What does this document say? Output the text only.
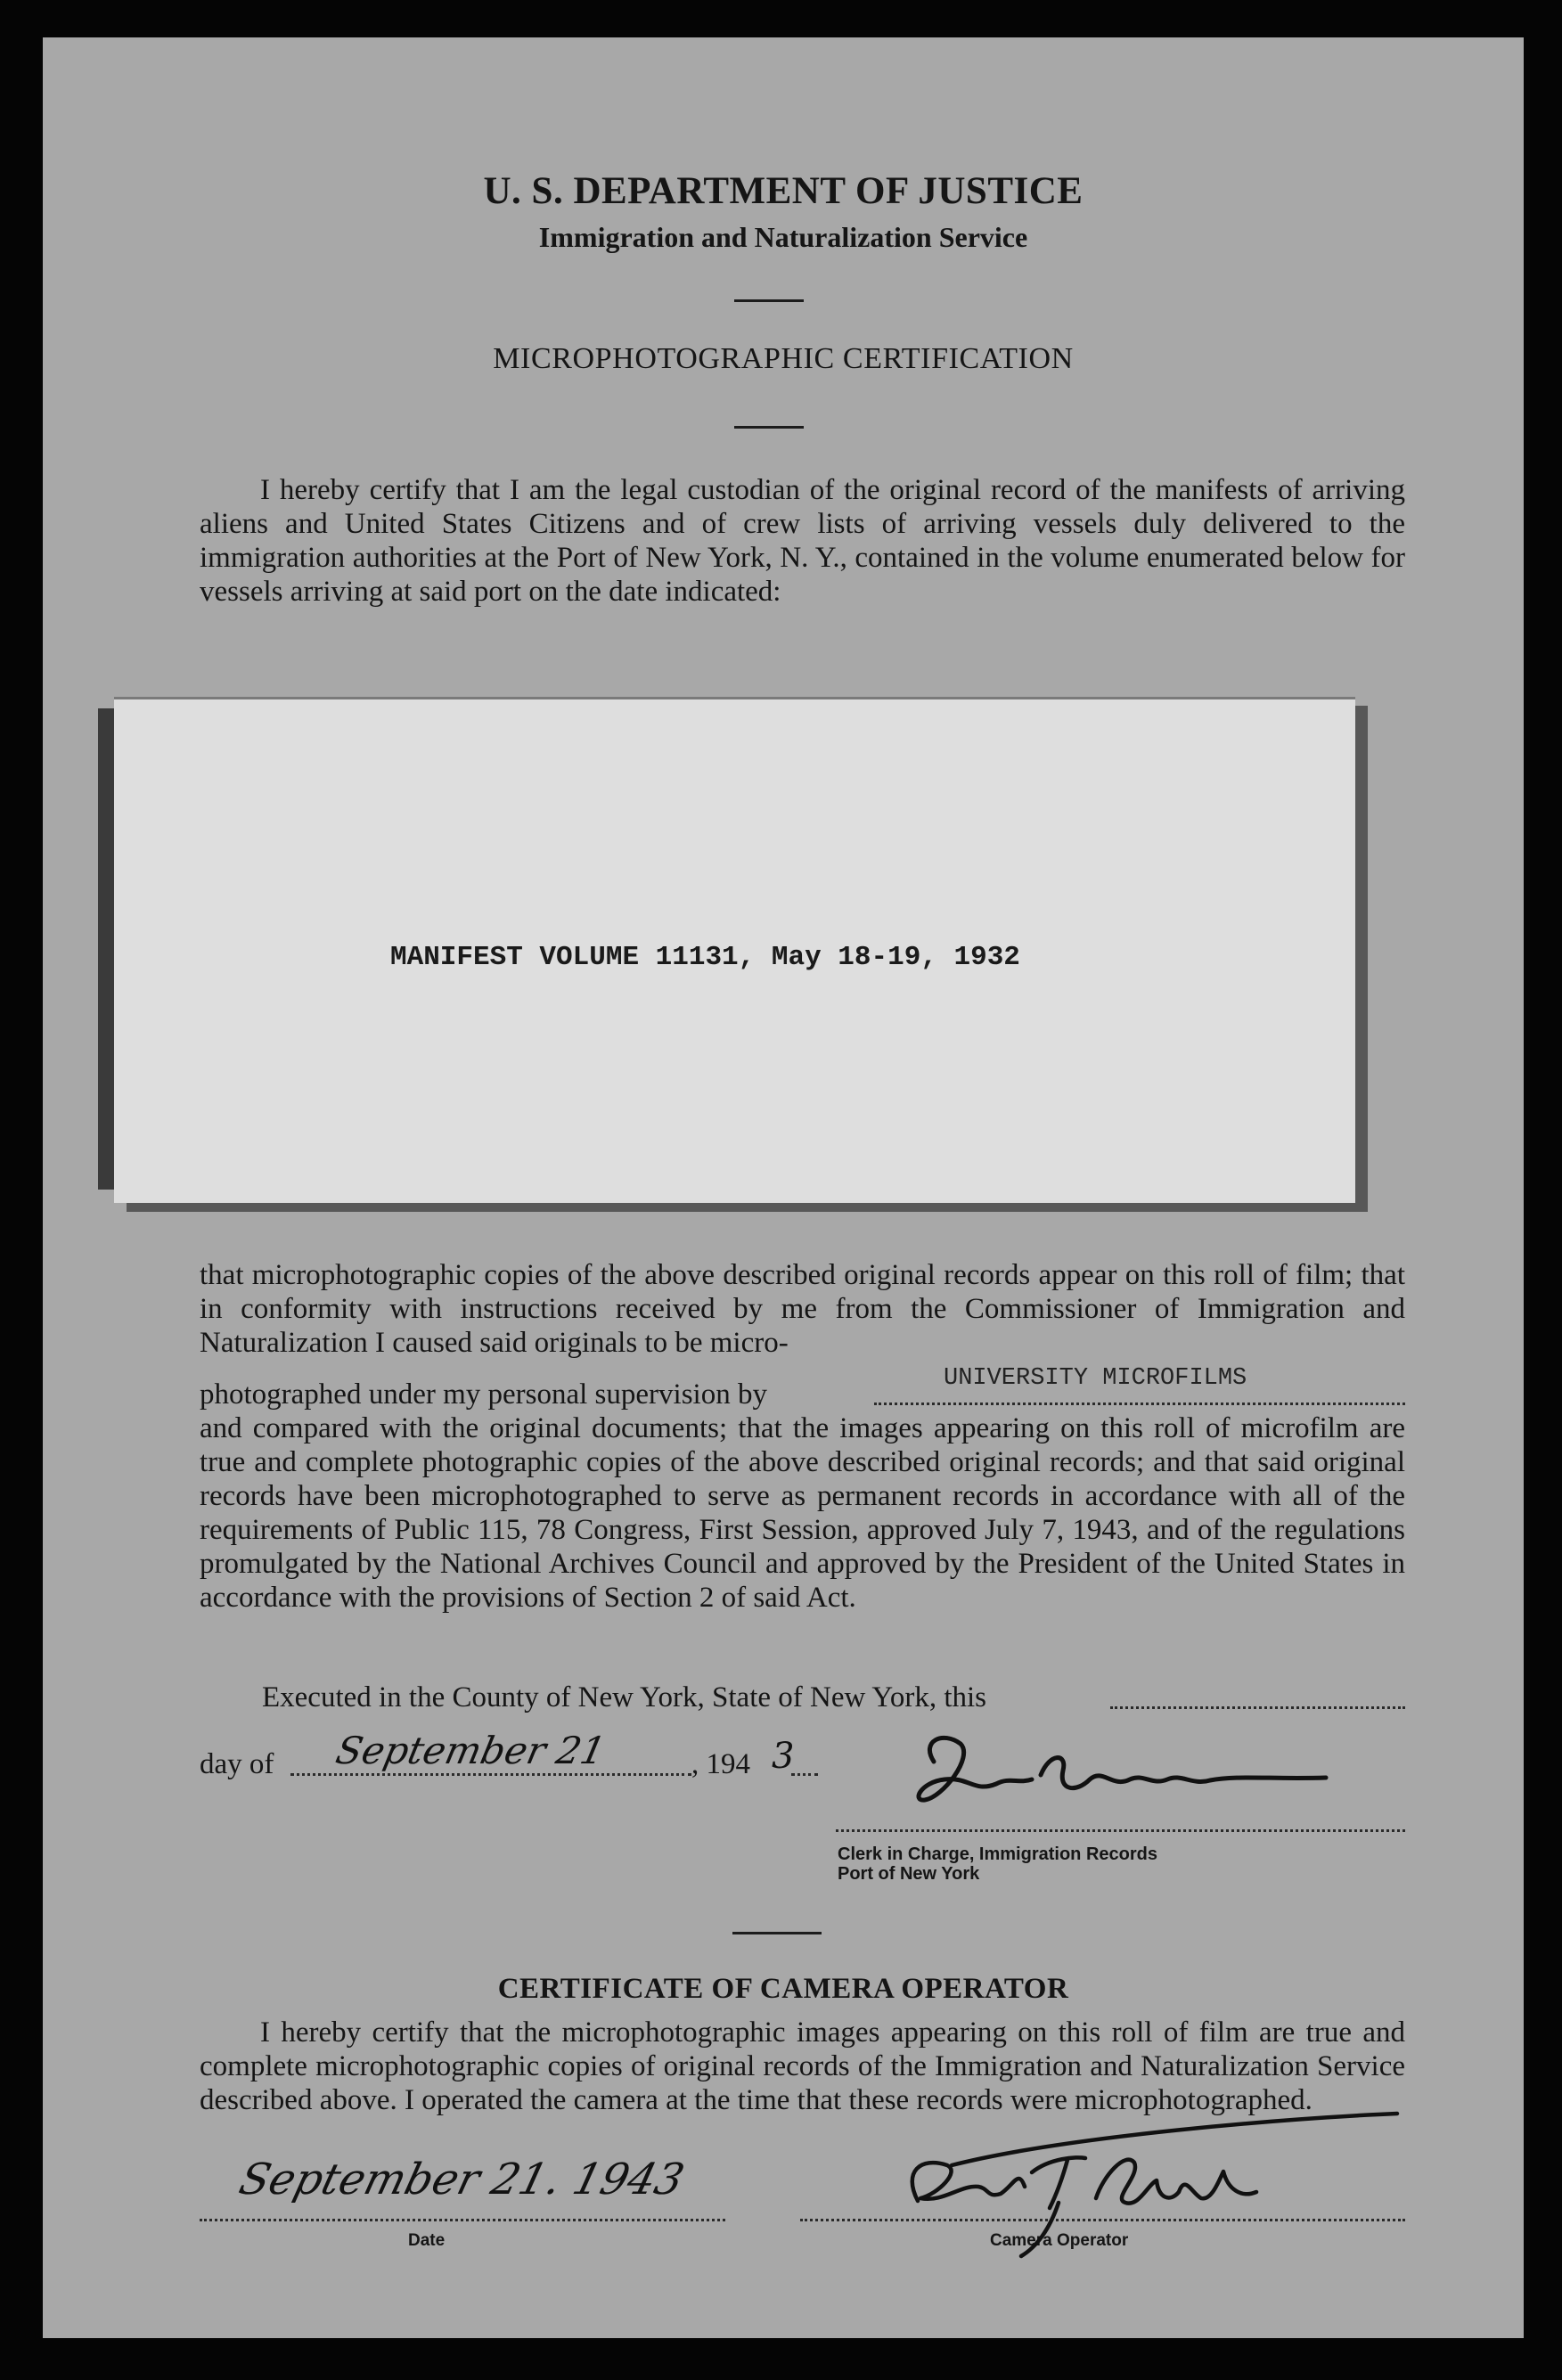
U. S. DEPARTMENT OF JUSTICE
Immigration and Naturalization Service
MICROPHOTOGRAPHIC CERTIFICATION

I hereby certify that I am the legal custodian of the original record of the manifests of arriving aliens and United States Citizens and of crew lists of arriving vessels duly delivered to the immigration authorities at the Port of New York, N. Y., contained in the volume enumerated below for vessels arriving at said port on the date indicated:

MANIFEST VOLUME 11131, May 18-19, 1932

that microphotographic copies of the above described original records appear on this roll of film; that in conformity with instructions received by me from the Commissioner of Immigration and Naturalization I caused said originals to be micro-

photographed under my personal supervision by	UNIVERSITY MICROFILMS

and compared with the original documents; that the images appearing on this roll of microfilm are true and complete photographic copies of the above described original records; and that said original records have been microphotographed to serve as permanent records in accordance with all of the requirements of Public 115, 78 Congress, First Session, approved July 7, 1943, and of the regulations promulgated by the National Archives Council and approved by the President of the United States in accordance with the provisions of Section 2 of said Act.

Executed in the County of New York, State of New York, this
day of September 21	, 194 3
Clerk in Charge, Immigration Records
Port of New York
CERTIFICATE OF CAMERA OPERATOR

I hereby certify that the microphotographic images appearing on this roll of film are true and complete microphotographic copies of original records of the Immigration and Naturalization Service described above. I operated the camera at the time that these records were microphotographed.

September 21. 1943
Date	Camera Operator
